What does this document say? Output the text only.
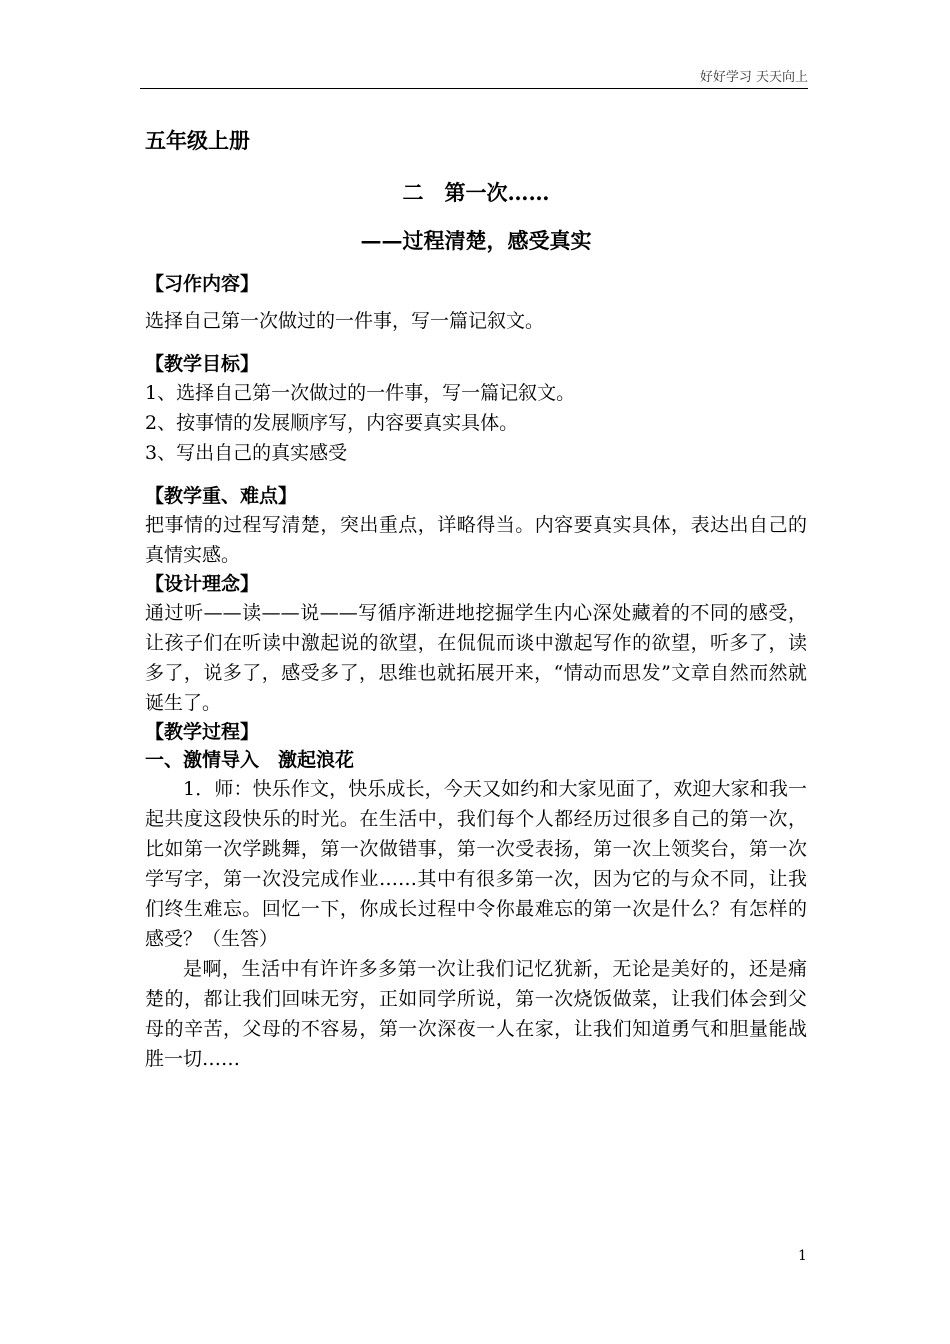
好好学习 天天向上

五年级上册

二　第一次……

——过程清楚，感受真实

【习作内容】

选择自己第一次做过的一件事，写一篇记叙文。

【教学目标】

1、选择自己第一次做过的一件事，写一篇记叙文。

2、按事情的发展顺序写，内容要真实具体。

3、写出自己的真实感受

【教学重、难点】

把事情的过程写清楚，突出重点，详略得当。内容要真实具体，表达出自己的真情实感。

【设计理念】

通过听——读——说——写循序渐进地挖掘学生内心深处藏着的不同的感受，让孩子们在听读中激起说的欲望，在侃侃而谈中激起写作的欲望，听多了，读多了，说多了，感受多了，思维也就拓展开来，“情动而思发”文章自然而然就诞生了。

【教学过程】

一、激情导入　激起浪花

1．师：快乐作文，快乐成长，今天又如约和大家见面了，欢迎大家和我一起共度这段快乐的时光。在生活中，我们每个人都经历过很多自己的第一次，比如第一次学跳舞，第一次做错事，第一次受表扬，第一次上领奖台，第一次学写字，第一次没完成作业……其中有很多第一次，因为它的与众不同，让我们终生难忘。回忆一下，你成长过程中令你最难忘的第一次是什么？有怎样的感受？（生答）

是啊，生活中有许许多多第一次让我们记忆犹新，无论是美好的，还是痛楚的，都让我们回味无穷，正如同学所说，第一次烧饭做菜，让我们体会到父母的辛苦，父母的不容易，第一次深夜一人在家，让我们知道勇气和胆量能战胜一切……

1
